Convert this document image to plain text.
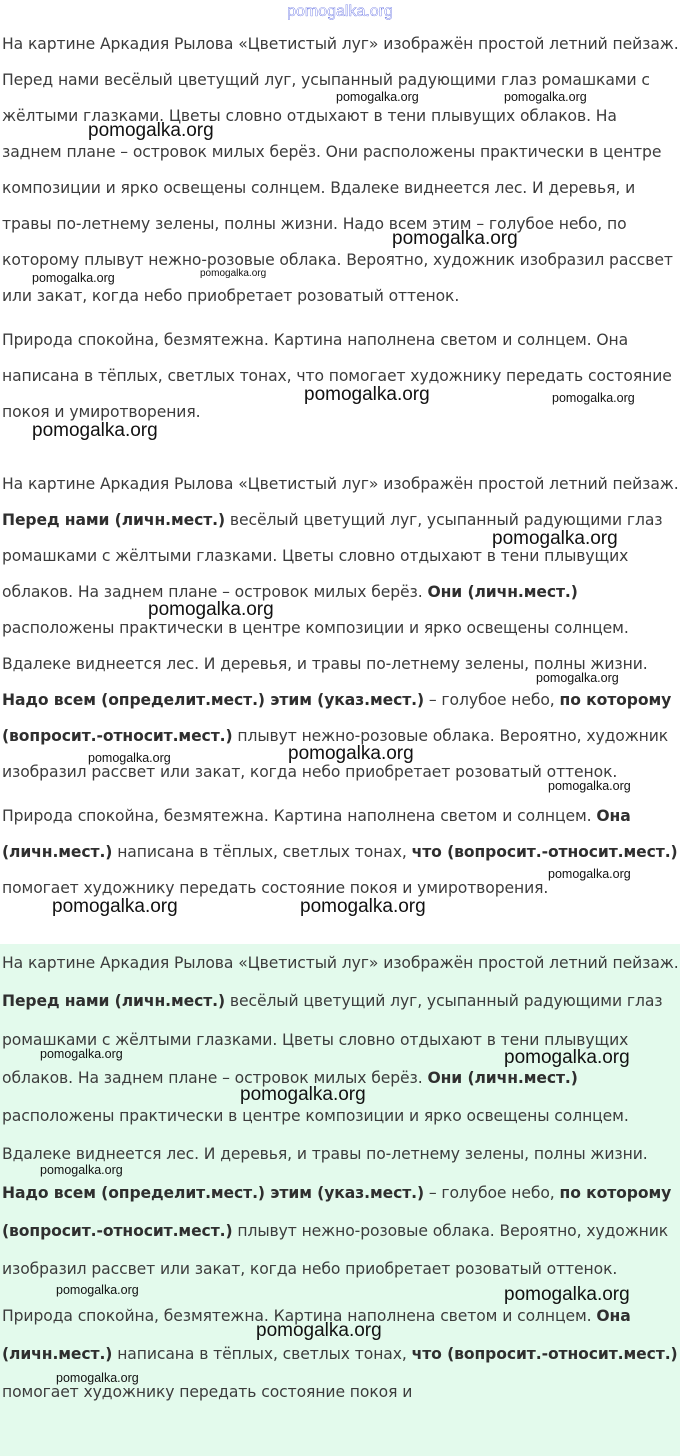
pomogalka.org

На картине Аркадия Рылова «Цветистый луг» изображён простой летний пейзаж. Перед нами весёлый цветущий луг, усыпанный радующими глаз ромашками с жёлтыми глазками. Цветы словно отдыхают в тени плывущих облаков. На заднем плане – островок милых берёз. Они расположены практически в центре композиции и ярко освещены солнцем. Вдалеке виднеется лес. И деревья, и травы по-летнему зелены, полны жизни. Надо всем этим – голубое небо, по которому плывут нежно-розовые облака. Вероятно, художник изобразил рассвет или закат, когда небо приобретает розоватый оттенок.

Природа спокойна, безмятежна. Картина наполнена светом и солнцем. Она написана в тёплых, светлых тонах, что помогает художнику передать состояние покоя и умиротворения.

На картине Аркадия Рылова «Цветистый луг» изображён простой летний пейзаж. Перед нами (личн.мест.) весёлый цветущий луг, усыпанный радующими глаз ромашками с жёлтыми глазками. Цветы словно отдыхают в тени плывущих облаков. На заднем плане – островок милых берёз. Они (личн.мест.) расположены практически в центре композиции и ярко освещены солнцем. Вдалеке виднеется лес. И деревья, и травы по-летнему зелены, полны жизни. Надо всем (определит.мест.) этим (указ.мест.) – голубое небо, по которому (вопросит.-относит.мест.) плывут нежно-розовые облака. Вероятно, художник изобразил рассвет или закат, когда небо приобретает розоватый оттенок.

Природа спокойна, безмятежна. Картина наполнена светом и солнцем. Она (личн.мест.) написана в тёплых, светлых тонах, что (вопросит.-относит.мест.) помогает художнику передать состояние покоя и умиротворения.

На картине Аркадия Рылова «Цветистый луг» изображён простой летний пейзаж. Перед нами (личн.мест.) весёлый цветущий луг, усыпанный радующими глаз ромашками с жёлтыми глазками. Цветы словно отдыхают в тени плывущих облаков. На заднем плане – островок милых берёз. Они (личн.мест.) расположены практически в центре композиции и ярко освещены солнцем. Вдалеке виднеется лес. И деревья, и травы по-летнему зелены, полны жизни. Надо всем (определит.мест.) этим (указ.мест.) – голубое небо, по которому (вопросит.-относит.мест.) плывут нежно-розовые облака. Вероятно, художник изобразил рассвет или закат, когда небо приобретает розоватый оттенок.

Природа спокойна, безмятежна. Картина наполнена светом и солнцем. Она (личн.мест.) написана в тёплых, светлых тонах, что (вопросит.-относит.мест.) помогает художнику передать состояние покоя и

pomogalka.org	pomogalka.org
pomogalka.org
pomogalka.org
pomogalka.org	pomogalka.org
pomogalka.org	pomogalka.org
pomogalka.org
pomogalka.org
pomogalka.org
pomogalka.org
pomogalka.org
pomogalka.org
pomogalka.org
pomogalka.org
pomogalka.org	pomogalka.org
pomogalka.org	pomogalka.org
pomogalka.org
pomogalka.org
pomogalka.org	pomogalka.org
pomogalka.org
pomogalka.org
